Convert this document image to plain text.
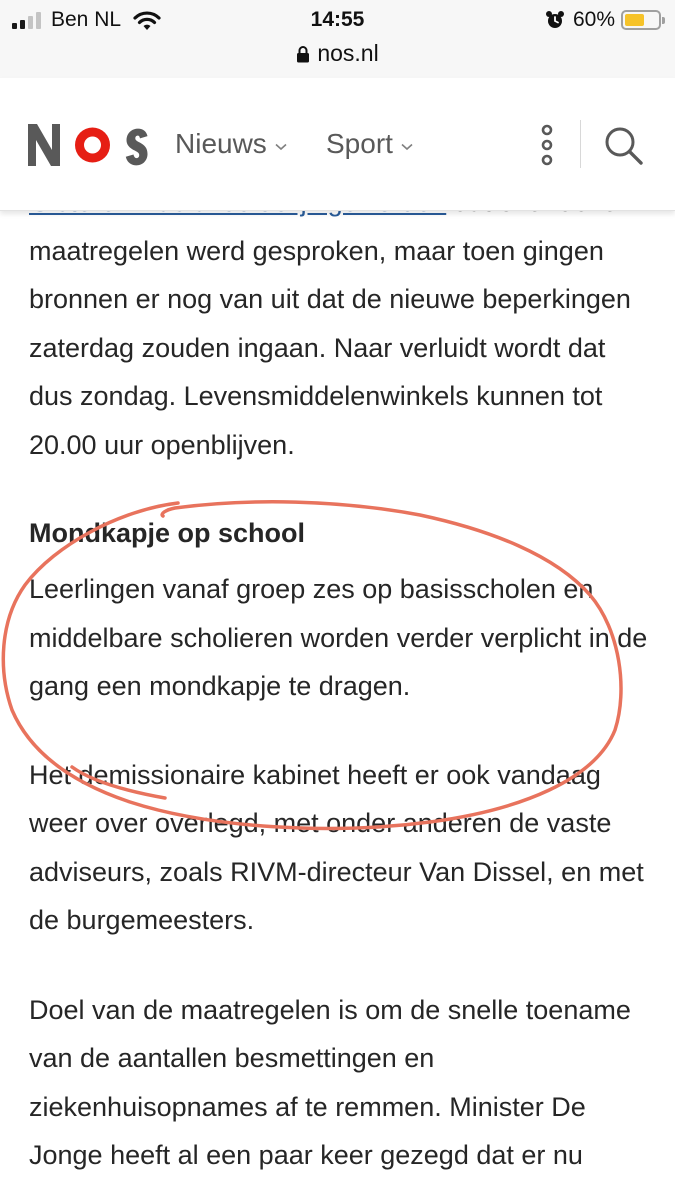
Ben NL	14:55	60%
nos.nl
Nieuws Sport

maatregelen werd gesproken, maar toen gingen bronnen er nog van uit dat de nieuwe beperkingen zaterdag zouden ingaan. Naar verluidt wordt dat dus zondag. Levensmiddelenwinkels kunnen tot 20.00 uur openblijven.

Mondkapje op school

Leerlingen vanaf groep zes op basisscholen en middelbare scholieren worden verder verplicht in de gang een mondkapje te dragen.

Het demissionaire kabinet heeft er ook vandaag weer over overlegd, met onder anderen de vaste adviseurs, zoals RIVM-directeur Van Dissel, en met de burgemeesters.

Doel van de maatregelen is om de snelle toename van de aantallen besmettingen en ziekenhuisopnames af te remmen. Minister De Jonge heeft al een paar keer gezegd dat er nu
